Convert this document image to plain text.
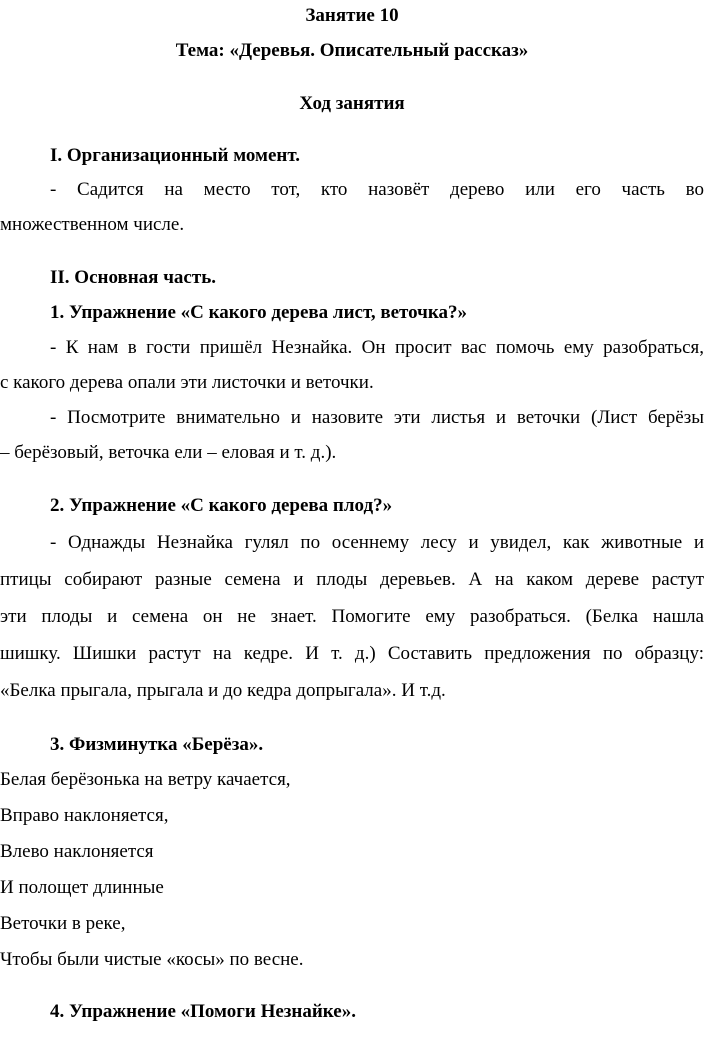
Занятие 10
Тема: «Деревья. Описательный рассказ»
Ход занятия
I. Организационный момент.
- Садится на место тот, кто назовёт дерево или его часть во
множественном числе.
II. Основная часть.
1. Упражнение «С какого дерева лист, веточка?»
- К нам в гости пришёл Незнайка. Он просит вас помочь ему разобраться,
с какого дерева опали эти листочки и веточки.
- Посмотрите внимательно и назовите эти листья и веточки (Лист берёзы
– берёзовый, веточка ели – еловая и т. д.).
2. Упражнение «С какого дерева плод?»
- Однажды Незнайка гулял по осеннему лесу и увидел, как животные и
птицы собирают разные семена и плоды деревьев. А на каком дереве растут
эти плоды и семена он не знает. Помогите ему разобраться. (Белка нашла
шишку. Шишки растут на кедре. И т. д.) Составить предложения по образцу:
«Белка прыгала, прыгала и до кедра допрыгала». И т.д.
3. Физминутка «Берёза».
Белая берёзонька на ветру качается,
Вправо наклоняется,
Влево наклоняется
И полощет длинные
Веточки в реке,
Чтобы были чистые «косы» по весне.
4. Упражнение «Помоги Незнайке».
